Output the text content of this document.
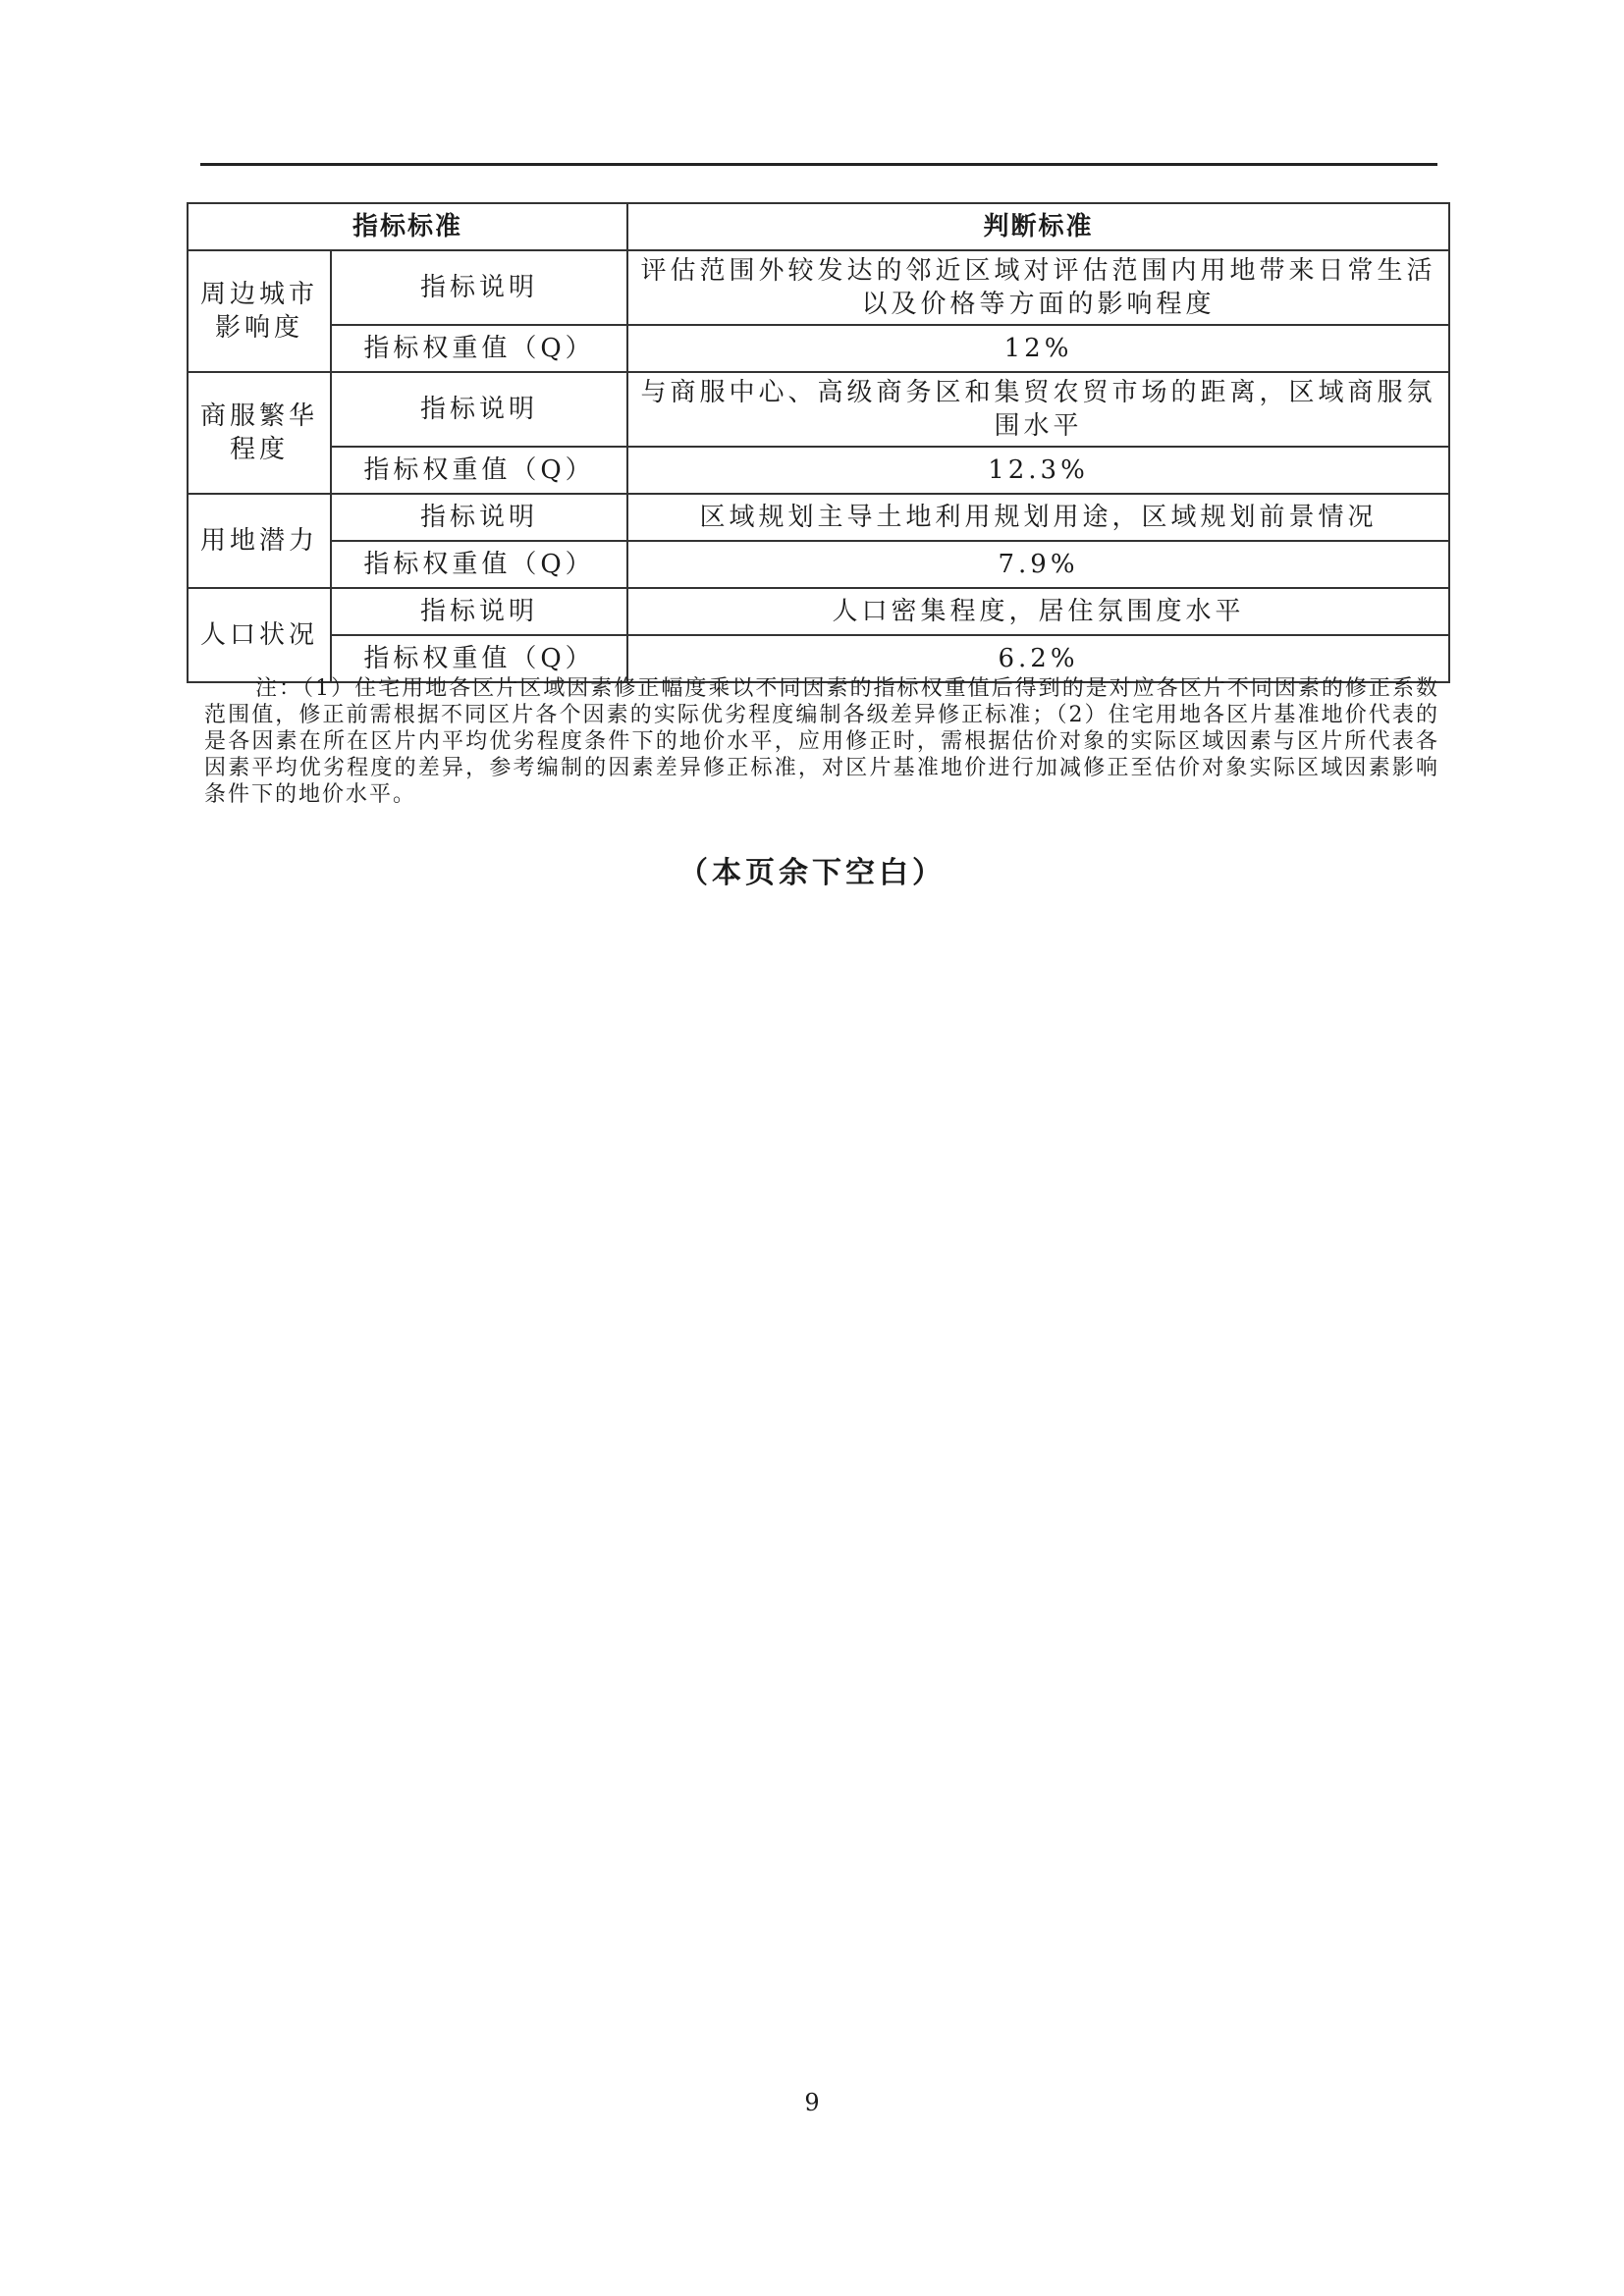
指标标准		判断标准
周边城市影响度	指标说明	评估范围外较发达的邻近区域对评估范围内用地带来日常生活以及价格等方面的影响程度
	指标权重值（Q）	12%
商服繁华程度	指标说明	与商服中心、高级商务区和集贸农贸市场的距离，区域商服氛围水平
	指标权重值（Q）	12.3%
用地潜力	指标说明	区域规划主导土地利用规划用途，区域规划前景情况
	指标权重值（Q）	7.9%
人口状况	指标说明	人口密集程度，居住氛围度水平
	指标权重值（Q）	6.2%
注：（1）住宅用地各区片区域因素修正幅度乘以不同因素的指标权重值后得到的是对应各区片不同因素的修正系数范围值，修正前需根据不同区片各个因素的实际优劣程度编制各级差异修正标准；（2）住宅用地各区片基准地价代表的是各因素在所在区片内平均优劣程度条件下的地价水平，应用修正时，需根据估价对象的实际区域因素与区片所代表各因素平均优劣程度的差异，参考编制的因素差异修正标准，对区片基准地价进行加减修正至估价对象实际区域因素影响条件下的地价水平。
（本页余下空白）
9
